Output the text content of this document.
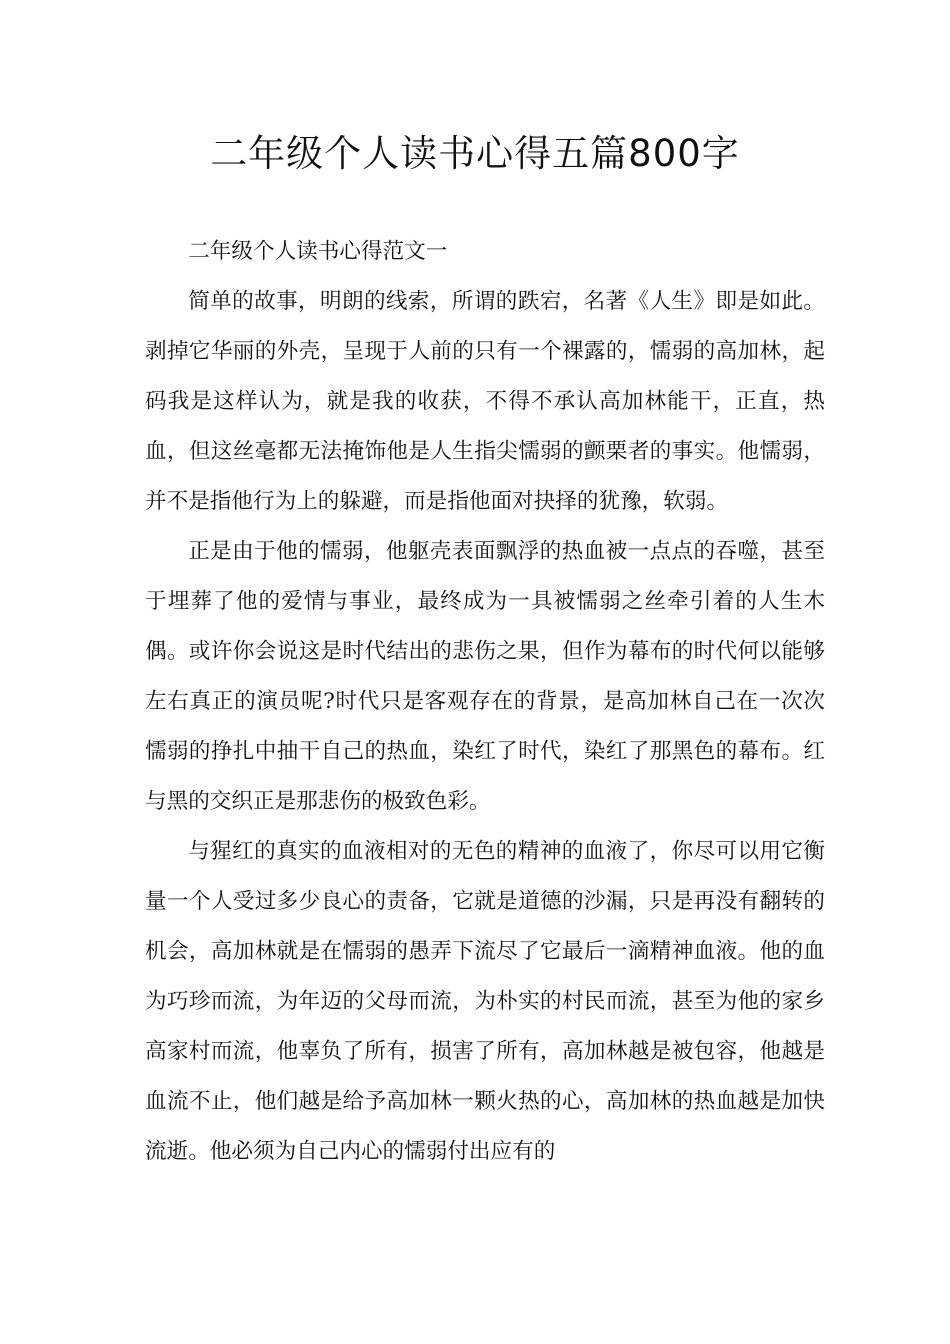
二年级个人读书心得五篇800字

二年级个人读书心得范文一

简单的故事，明朗的线索，所谓的跌宕，名著《人生》即是如此。剥掉它华丽的外壳，呈现于人前的只有一个裸露的，懦弱的高加林，起码我是这样认为，就是我的收获，不得不承认高加林能干，正直，热血，但这丝毫都无法掩饰他是人生指尖懦弱的颤栗者的事实。他懦弱，并不是指他行为上的躲避，而是指他面对抉择的犹豫，软弱。

正是由于他的懦弱，他躯壳表面飘浮的热血被一点点的吞噬，甚至于埋葬了他的爱情与事业，最终成为一具被懦弱之丝牵引着的人生木偶。或许你会说这是时代结出的悲伤之果，但作为幕布的时代何以能够左右真正的演员呢?时代只是客观存在的背景，是高加林自己在一次次懦弱的挣扎中抽干自己的热血，染红了时代，染红了那黑色的幕布。红与黑的交织正是那悲伤的极致色彩。

与猩红的真实的血液相对的无色的精神的血液了，你尽可以用它衡量一个人受过多少良心的责备，它就是道德的沙漏，只是再没有翻转的机会，高加林就是在懦弱的愚弄下流尽了它最后一滴精神血液。他的血为巧珍而流，为年迈的父母而流，为朴实的村民而流，甚至为他的家乡高家村而流，他辜负了所有，损害了所有，高加林越是被包容，他越是血流不止，他们越是给予高加林一颗火热的心，高加林的热血越是加快流逝。他必须为自己内心的懦弱付出应有的
